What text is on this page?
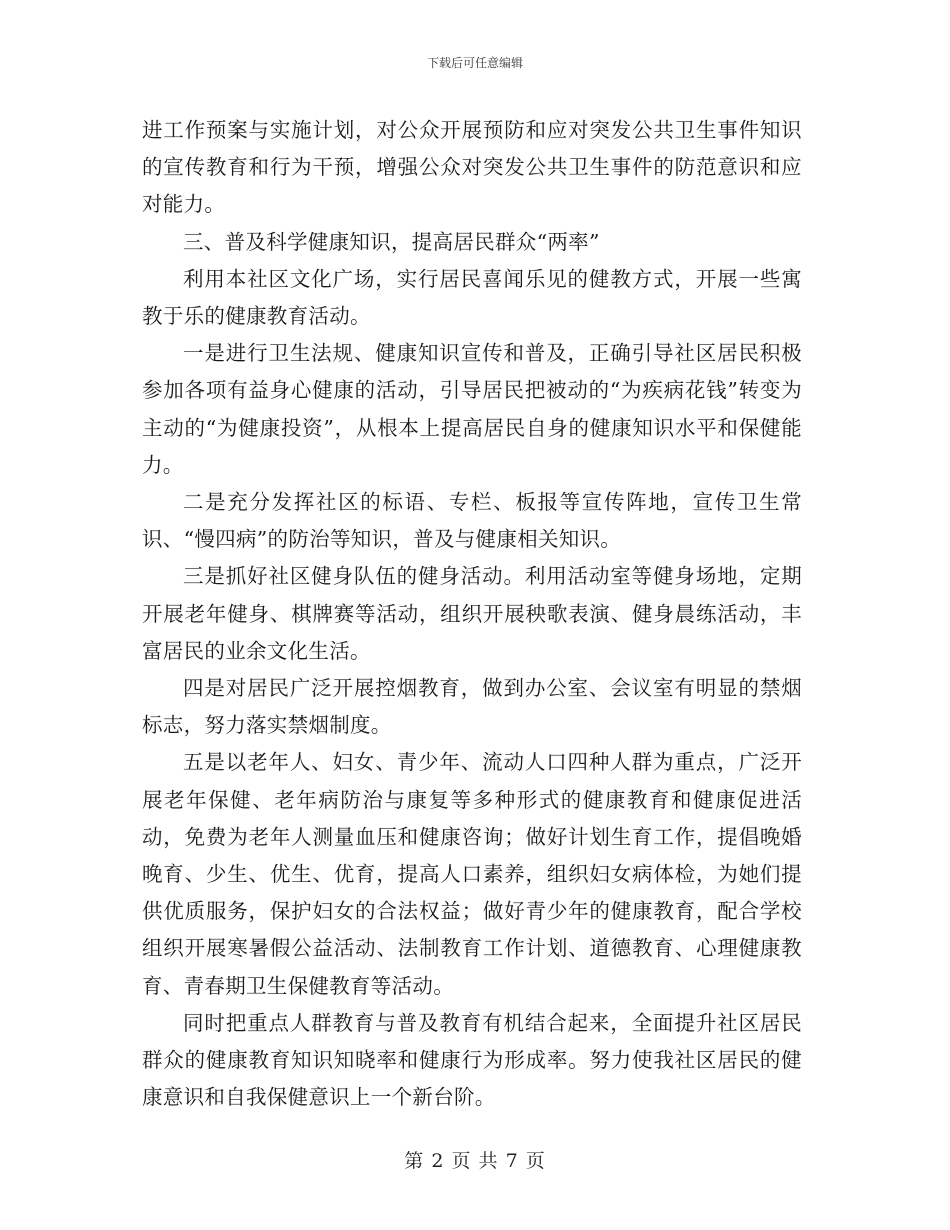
下载后可任意编辑

进工作预案与实施计划，对公众开展预防和应对突发公共卫生事件知识的宣传教育和行为干预，增强公众对突发公共卫生事件的防范意识和应对能力。

三、普及科学健康知识，提高居民群众“两率”

利用本社区文化广场，实行居民喜闻乐见的健教方式，开展一些寓教于乐的健康教育活动。

一是进行卫生法规、健康知识宣传和普及，正确引导社区居民积极参加各项有益身心健康的活动，引导居民把被动的“为疾病花钱”转变为主动的“为健康投资”，从根本上提高居民自身的健康知识水平和保健能力。

二是充分发挥社区的标语、专栏、板报等宣传阵地，宣传卫生常识、“慢四病”的防治等知识，普及与健康相关知识。

三是抓好社区健身队伍的健身活动。利用活动室等健身场地，定期开展老年健身、棋牌赛等活动，组织开展秧歌表演、健身晨练活动，丰富居民的业余文化生活。

四是对居民广泛开展控烟教育，做到办公室、会议室有明显的禁烟标志，努力落实禁烟制度。

五是以老年人、妇女、青少年、流动人口四种人群为重点，广泛开展老年保健、老年病防治与康复等多种形式的健康教育和健康促进活动，免费为老年人测量血压和健康咨询；做好计划生育工作，提倡晚婚晚育、少生、优生、优育，提高人口素养，组织妇女病体检，为她们提供优质服务，保护妇女的合法权益；做好青少年的健康教育，配合学校组织开展寒暑假公益活动、法制教育工作计划、道德教育、心理健康教育、青春期卫生保健教育等活动。

同时把重点人群教育与普及教育有机结合起来，全面提升社区居民群众的健康教育知识知晓率和健康行为形成率。努力使我社区居民的健康意识和自我保健意识上一个新台阶。

第 2 页 共 7 页
